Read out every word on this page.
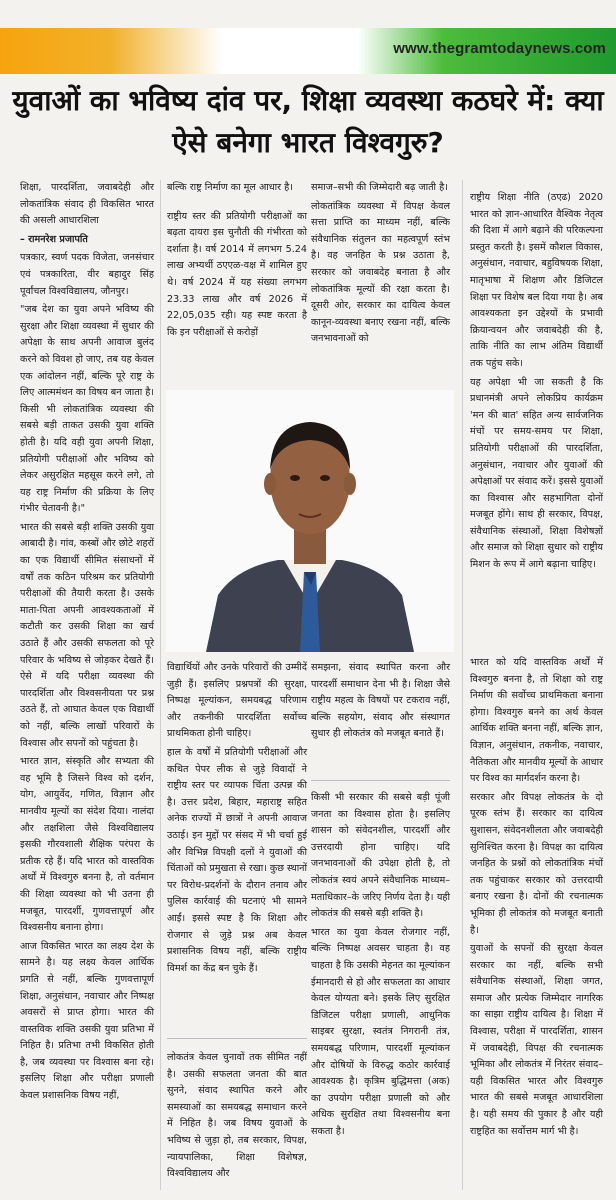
www.thegramtodaynews.com
युवाओं का भविष्य दांव पर, शिक्षा व्यवस्था कठघरे में: क्या ऐसे बनेगा भारत विश्वगुरु?

शिक्षा, पारदर्शिता, जवाबदेही और लोकतांत्रिक संवाद ही विकसित भारत की असली आधारशिला

– रामनरेश प्रजापति

पत्रकार, स्वर्ण पदक विजेता, जनसंचार एवं पत्रकारिता, वीर बहादुर सिंह पूर्वांचल विश्वविद्यालय, जौनपुर।

"जब देश का युवा अपने भविष्य की सुरक्षा और शिक्षा व्यवस्था में सुधार की अपेक्षा के साथ अपनी आवाज बुलंद करने को विवश हो जाए, तब यह केवल एक आंदोलन नहीं, बल्कि पूरे राष्ट्र के लिए आत्ममंथन का विषय बन जाता है। किसी भी लोकतांत्रिक व्यवस्था की सबसे बड़ी ताकत उसकी युवा शक्ति होती है। यदि वही युवा अपनी शिक्षा, प्रतियोगी परीक्षाओं और भविष्य को लेकर असुरक्षित महसूस करने लगे, तो यह राष्ट्र निर्माण की प्रक्रिया के लिए गंभीर चेतावनी है।"

भारत की सबसे बड़ी शक्ति उसकी युवा आबादी है। गांव, कस्बों और छोटे शहरों का एक विद्यार्थी सीमित संसाधनों में वर्षों तक कठिन परिश्रम कर प्रतियोगी परीक्षाओं की तैयारी करता है। उसके माता-पिता अपनी आवश्यकताओं में कटौती कर उसकी शिक्षा का खर्च उठाते हैं और उसकी सफलता को पूरे परिवार के भविष्य से जोड़कर देखते हैं। ऐसे में यदि परीक्षा व्यवस्था की पारदर्शिता और विश्वसनीयता पर प्रश्न उठते हैं, तो आघात केवल एक विद्यार्थी को नहीं, बल्कि लाखों परिवारों के विश्वास और सपनों को पहुंचता है।

भारत ज्ञान, संस्कृति और सभ्यता की वह भूमि है जिसने विश्व को दर्शन, योग, आयुर्वेद, गणित, विज्ञान और मानवीय मूल्यों का संदेश दिया। नालंदा और तक्षशिला जैसे विश्वविद्यालय इसकी गौरवशाली शैक्षिक परंपरा के प्रतीक रहे हैं। यदि भारत को वास्तविक अर्थों में विश्वगुरु बनना है, तो वर्तमान की शिक्षा व्यवस्था को भी उतना ही मजबूत, पारदर्शी, गुणवत्तापूर्ण और विश्वसनीय बनाना होगा।

आज विकसित भारत का लक्ष्य देश के सामने है। यह लक्ष्य केवल आर्थिक प्रगति से नहीं, बल्कि गुणवत्तापूर्ण शिक्षा, अनुसंधान, नवाचार और निष्पक्ष अवसरों से प्राप्त होगा। भारत की वास्तविक शक्ति उसकी युवा प्रतिभा में निहित है। प्रतिभा तभी विकसित होती है, जब व्यवस्था पर विश्वास बना रहे। इसलिए शिक्षा और परीक्षा प्रणाली केवल प्रशासनिक विषय नहीं,

बल्कि राष्ट्र निर्माण का मूल आधार है।

राष्ट्रीय स्तर की प्रतियोगी परीक्षाओं का बढ़ता दायरा इस चुनौती की गंभीरता को दर्शाता है। वर्ष 2014 में लगभग 5.24 लाख अभ्यर्थी ठएएळ-वक्ष में शामिल हुए थे। वर्ष 2024 में यह संख्या लगभग 23.33 लाख और वर्ष 2026 में 22,05,035 रही। यह स्पष्ट करता है कि इन परीक्षाओं से करोड़ों

समाज–सभी की जिम्मेदारी बढ़ जाती है।

लोकतांत्रिक व्यवस्था में विपक्ष केवल सत्ता प्राप्ति का माध्यम नहीं, बल्कि संवैधानिक संतुलन का महत्वपूर्ण स्तंभ है। वह जनहित के प्रश्न उठाता है, सरकार को जवाबदेह बनाता है और लोकतांत्रिक मूल्यों की रक्षा करता है। दूसरी ओर, सरकार का दायित्व केवल कानून-व्यवस्था बनाए रखना नहीं, बल्कि जनभावनाओं को

विद्यार्थियों और उनके परिवारों की उम्मीदें जुड़ी हैं। इसलिए प्रश्नपत्रों की सुरक्षा, निष्पक्ष मूल्यांकन, समयबद्ध परिणाम और तकनीकी पारदर्शिता सर्वोच्च प्राथमिकता होनी चाहिए।

हाल के वर्षों में प्रतियोगी परीक्षाओं और कथित पेपर लीक से जुड़े विवादों ने राष्ट्रीय स्तर पर व्यापक चिंता उत्पन्न की है। उत्तर प्रदेश, बिहार, महाराष्ट्र सहित अनेक राज्यों में छात्रों ने अपनी आवाज उठाई। इन मुद्दों पर संसद में भी चर्चा हुई और विभिन्न विपक्षी दलों ने युवाओं की चिंताओं को प्रमुखता से रखा। कुछ स्थानों पर विरोध-प्रदर्शनों के दौरान तनाव और पुलिस कार्रवाई की घटनाएं भी सामने आईं। इससे स्पष्ट है कि शिक्षा और रोजगार से जुड़े प्रश्न अब केवल प्रशासनिक विषय नहीं, बल्कि राष्ट्रीय विमर्श का केंद्र बन चुके हैं।

लोकतंत्र केवल चुनावों तक सीमित नहीं है। उसकी सफलता जनता की बात सुनने, संवाद स्थापित करने और समस्याओं का समयबद्ध समाधान करने में निहित है। जब विषय युवाओं के भविष्य से जुड़ा हो, तब सरकार, विपक्ष, न्यायपालिका, शिक्षा विशेषज्ञ, विश्वविद्यालय और

समझना, संवाद स्थापित करना और पारदर्शी समाधान देना भी है। शिक्षा जैसे राष्ट्रीय महत्व के विषयों पर टकराव नहीं, बल्कि सहयोग, संवाद और संस्थागत सुधार ही लोकतंत्र को मजबूत बनाते हैं।

किसी भी सरकार की सबसे बड़ी पूंजी जनता का विश्वास होता है। इसलिए शासन को संवेदनशील, पारदर्शी और उत्तरदायी होना चाहिए। यदि जनभावनाओं की उपेक्षा होती है, तो लोकतंत्र स्वयं अपने संवैधानिक माध्यम–मताधिकार–के जरिए निर्णय देता है। यही लोकतंत्र की सबसे बड़ी शक्ति है।

भारत का युवा केवल रोजगार नहीं, बल्कि निष्पक्ष अवसर चाहता है। वह चाहता है कि उसकी मेहनत का मूल्यांकन ईमानदारी से हो और सफलता का आधार केवल योग्यता बने। इसके लिए सुरक्षित डिजिटल परीक्षा प्रणाली, आधुनिक साइबर सुरक्षा, स्वतंत्र निगरानी तंत्र, समयबद्ध परिणाम, पारदर्शी मूल्यांकन और दोषियों के विरुद्ध कठोर कार्रवाई आवश्यक है। कृत्रिम बुद्धिमत्ता (अक) का उपयोग परीक्षा प्रणाली को और अधिक सुरक्षित तथा विश्वसनीय बना सकता है।

राष्ट्रीय शिक्षा नीति (ठएढ) 2020 भारत को ज्ञान-आधारित वैश्विक नेतृत्व की दिशा में आगे बढ़ाने की परिकल्पना प्रस्तुत करती है। इसमें कौशल विकास, अनुसंधान, नवाचार, बहुविषयक शिक्षा, मातृभाषा में शिक्षण और डिजिटल शिक्षा पर विशेष बल दिया गया है। अब आवश्यकता इन उद्देश्यों के प्रभावी क्रियान्वयन और जवाबदेही की है, ताकि नीति का लाभ अंतिम विद्यार्थी तक पहुंच सके।

यह अपेक्षा भी जा सकती है कि प्रधानमंत्री अपने लोकप्रिय कार्यक्रम 'मन की बात' सहित अन्य सार्वजनिक मंचों पर समय-समय पर शिक्षा, प्रतियोगी परीक्षाओं की पारदर्शिता, अनुसंधान, नवाचार और युवाओं की अपेक्षाओं पर संवाद करें। इससे युवाओं का विश्वास और सहभागिता दोनों मजबूत होंगे। साथ ही सरकार, विपक्ष, संवैधानिक संस्थाओं, शिक्षा विशेषज्ञों और समाज को शिक्षा सुधार को राष्ट्रीय मिशन के रूप में आगे बढ़ाना चाहिए।

भारत को यदि वास्तविक अर्थों में विश्वगुरु बनना है, तो शिक्षा को राष्ट्र निर्माण की सर्वोच्च प्राथमिकता बनाना होगा। विश्वगुरु बनने का अर्थ केवल आर्थिक शक्ति बनना नहीं, बल्कि ज्ञान, विज्ञान, अनुसंधान, तकनीक, नवाचार, नैतिकता और मानवीय मूल्यों के आधार पर विश्व का मार्गदर्शन करना है।

सरकार और विपक्ष लोकतंत्र के दो पूरक स्तंभ हैं। सरकार का दायित्व सुशासन, संवेदनशीलता और जवाबदेही सुनिश्चित करना है। विपक्ष का दायित्व जनहित के प्रश्नों को लोकतांत्रिक मंचों तक पहुंचाकर सरकार को उत्तरदायी बनाए रखना है। दोनों की रचनात्मक भूमिका ही लोकतंत्र को मजबूत बनाती है।

युवाओं के सपनों की सुरक्षा केवल सरकार का नहीं, बल्कि सभी संवैधानिक संस्थाओं, शिक्षा जगत, समाज और प्रत्येक जिम्मेदार नागरिक का साझा राष्ट्रीय दायित्व है। शिक्षा में विश्वास, परीक्षा में पारदर्शिता, शासन में जवाबदेही, विपक्ष की रचनात्मक भूमिका और लोकतंत्र में निरंतर संवाद–यही विकसित भारत और विश्वगुरु भारत की सबसे मजबूत आधारशिला है। यही समय की पुकार है और यही राष्ट्रहित का सर्वोत्तम मार्ग भी है।
